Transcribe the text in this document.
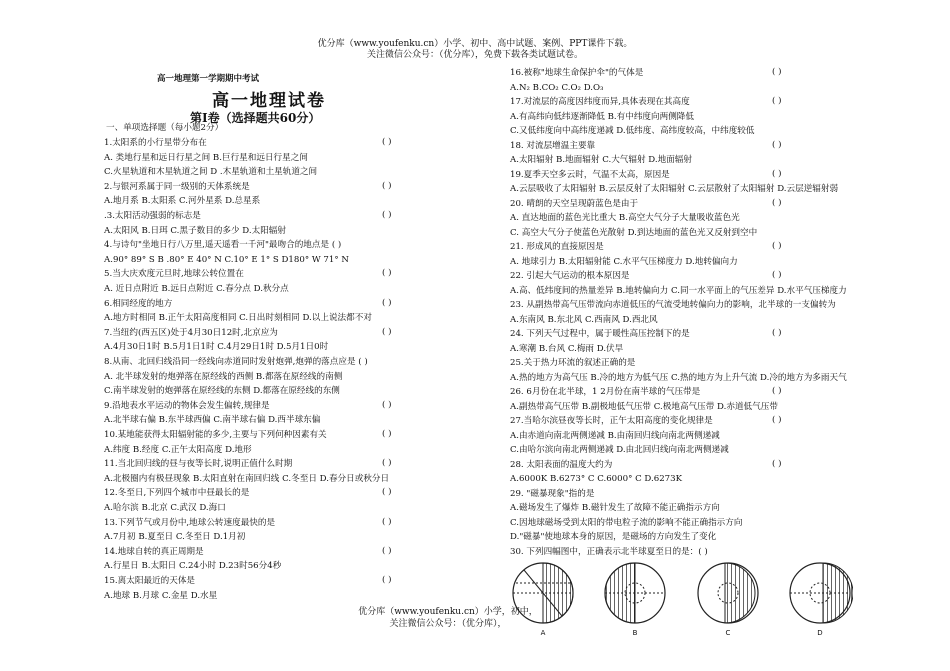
优分库（www.youfenku.cn）小学、初中、高中试题、案例、PPT课件下载。
关注微信公众号：（优分库），免费下载各类试题试卷。
高一地理第一学期期中考试
高一地理试卷
第Ⅰ卷（选择题共60分）
一、单项选择题（每小题2分）
1.太阳系的小行星带分布在	( )
A. 类地行星和远日行星之间 B.巨行星和远日行星之间
C.火星轨道和木星轨道之间 D .木星轨道和土星轨道之间
2.与银河系属于同一级别的天体系统是	( )
A.地月系 B.太阳系 C.河外星系 D.总星系
.3.太阳活动强弱的标志是	( )
A.太阳风 B.日珥 C.黑子数目的多少 D.太阳辐射
4.与诗句"坐地日行八万里,遥天遥看一千河"最吻合的地点是 ( )
A.90° 89° S B .80° E 40° N C.10° E 1° S D180° W 71° N
5.当大庆欢度元旦时,地球公转位置在	( )
A. 近日点附近 B.远日点附近 C.春分点 D.秋分点
6.相同经度的地方	( )
A.地方时相同 B.正午太阳高度相同 C.日出时刻相同 D.以上说法都不对
7.当纽约(西五区)处于4月30日12时,北京应为	( )
A.4月30日1时 B.5月1日1时 C.4月29日1时 D.5月1日0时
8.从南、北回归线沿同一经线向赤道同时发射炮弹,炮弹的落点应是 ( )
A. 北半球发射的炮弹落在原经线的西侧 B.都落在原经线的南侧
C.南半球发射的炮弹落在原经线的东侧 D.都落在原经线的东侧
9.沿地表水平运动的物体会发生偏转,规律是	( )
A.北半球右偏 B.东半球西偏 C.南半球右偏 D.西半球东偏
10.某地能获得太阳辐射能的多少,主要与下列何种因素有关	( )
A.纬度 B.经度 C.正午太阳高度 D.地形
11.当北回归线的昼与夜等长时,说明正值什么时期	( )
A.北极圈内有极昼现象 B.太阳直射在南回归线 C.冬至日 D.春分日或秋分日
12.冬至日,下列四个城市中昼最长的是	( )
A.哈尔滨 B.北京 C.武汉 D.海口
13.下列节气或月份中,地球公转速度最快的是	( )
A.7月初 B.夏至日 C.冬至日 D.1月初
14.地球自转的真正周期是	( )
A.行星日 B.太阳日 C.24小时 D.23时56分4秒
15.离太阳最近的天体是	( )
A.地球 B.月球 C.金星 D.水星
16.被称"地球生命保护伞"的气体是	( )
A.N₂ B.CO₂ C.O₂ D.O₃
17.对流层的高度因纬度而异,具体表现在其高度	( )
A.有高纬向低纬逐渐降低 B.有中纬度向两侧降低
C.又低纬度向中高纬度递减 D.低纬度、高纬度较高，中纬度较低
18. 对流层增温主要靠	( )
A.太阳辐射 B.地面辐射 C.大气辐射 D.地面辐射
19.夏季天空多云时，气温不太高，原因是	( )
A.云层吸收了太阳辐射 B.云层反射了太阳辐射 C.云层散射了太阳辐射 D.云层逆辐射弱
20. 晴朗的天空呈现蔚蓝色是由于	( )
A. 直达地面的蓝色光比重大 B.高空大气分子大量吸收蓝色光
C. 高空大气分子使蓝色光散射 D.到达地面的蓝色光又反射到空中
21. 形成风的直接原因是	( )
A. 地球引力 B.太阳辐射能 C.水平气压梯度力 D.地转偏向力
22. 引起大气运动的根本原因是	( )
A.高、低纬度间的热量差异 B.地转偏向力 C.同一水平面上的气压差异 D.水平气压梯度力
23. 从副热带高气压带流向赤道低压的气流受地转偏向力的影响，北半球的一支偏转为
A.东南风 B.东北风 C.西南风 D.西北风
24. 下列天气过程中，属于暖性高压控制下的是	( )
A.寒潮 B.台风 C.梅雨 D.伏旱
25.关于热力环流的叙述正确的是
A.热的地方为高气压 B.冷的地方为低气压 C.热的地方为上升气流 D.冷的地方为多雨天气
26. 6月份在北半球，1 2月份在南半球的气压带是	( )
A.副热带高气压带 B.副极地低气压带 C.极地高气压带 D.赤道低气压带
27.当哈尔滨昼夜等长时，正午太阳高度的变化规律是	( )
A.由赤道向南北两侧递减 B.由南回归线向南北两侧递减
C.由哈尔滨向南北两侧递减 D.由北回归线向南北两侧递减
28. 太阳表面的温度大约为	( )
A.6000K B.6273° C C.6000° C D.6273K
29. "磁暴现象"指的是
A.磁场发生了爆炸 B.磁针发生了故障不能正确指示方向
C.因地球磁场受到太阳的带电粒子流的影响不能正确指示方向
D."磁暴"使地球本身的原因，是磁场的方向发生了变化
30. 下列四幅图中，正确表示北半球夏至日的是：( )
A	B	C	D
优分库（www.youfenku.cn）小学，初中，
关注微信公众号：（优分库），
